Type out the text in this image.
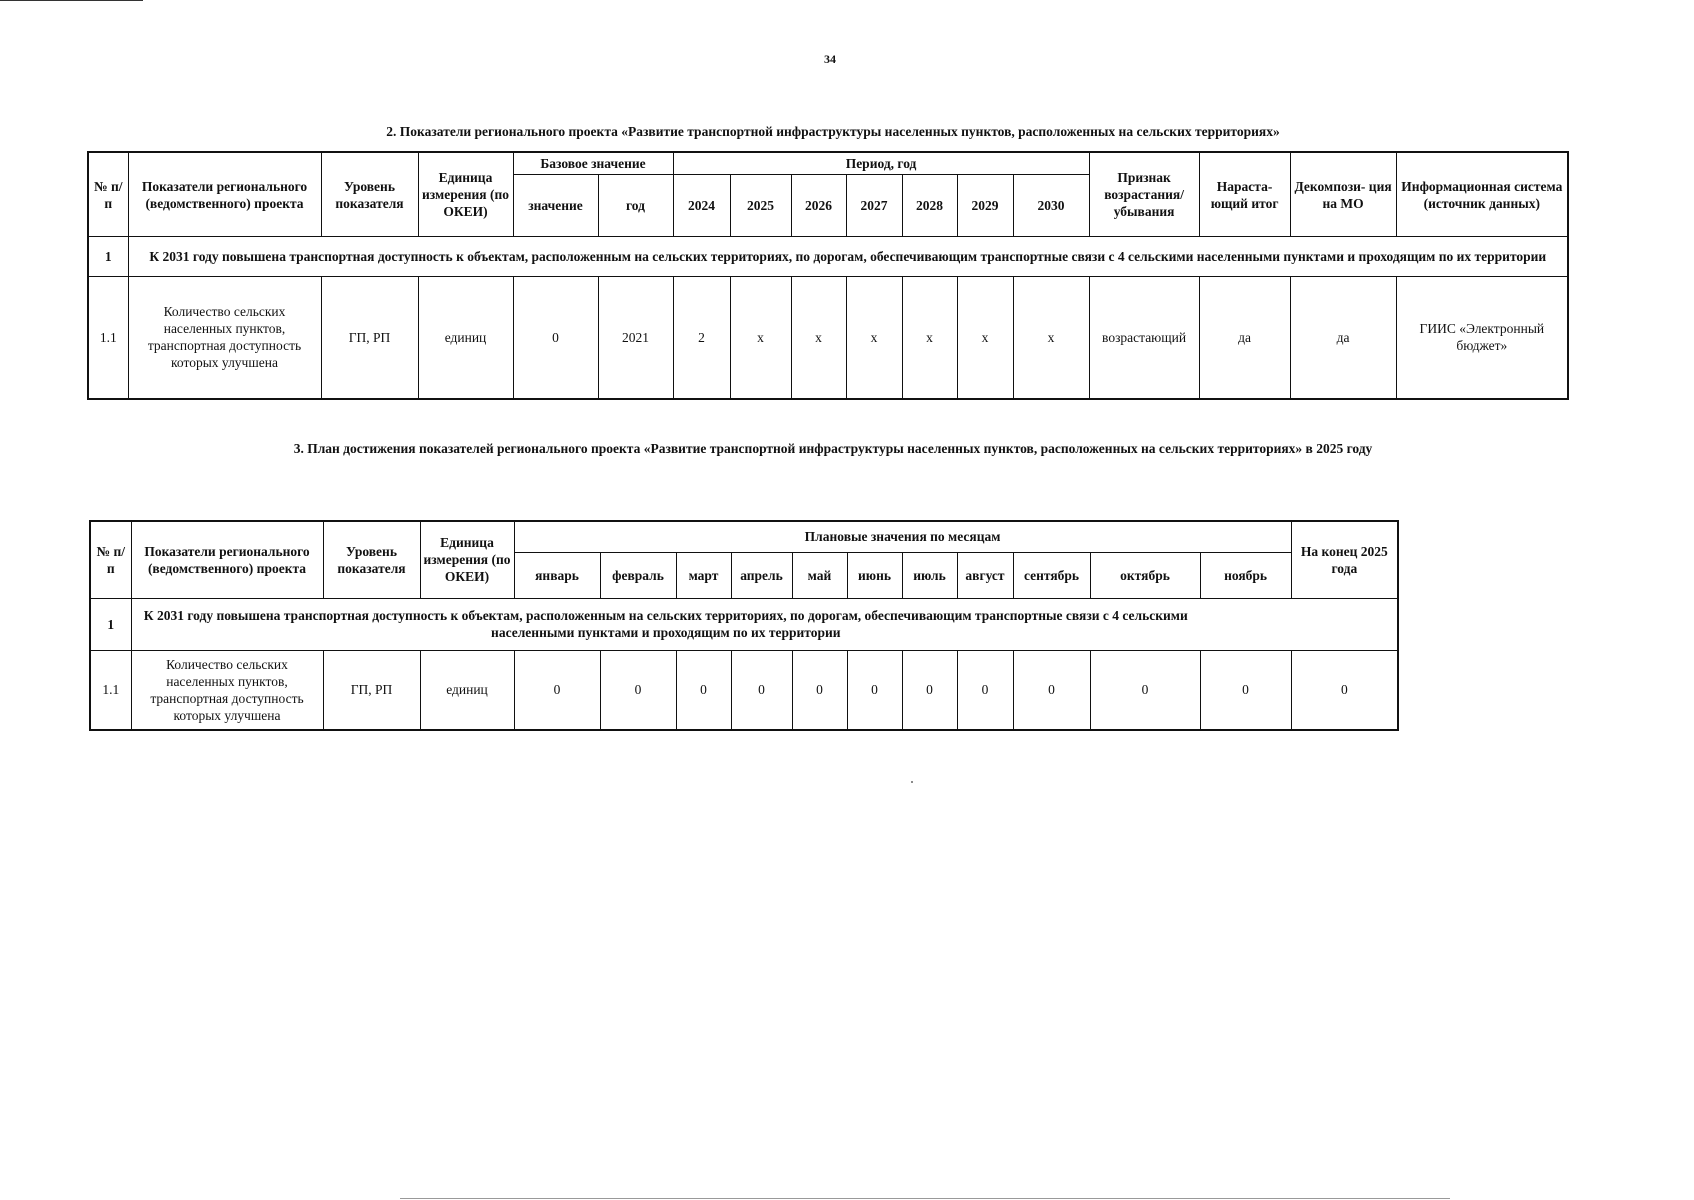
34
2. Показатели регионального проекта «Развитие транспортной инфраструктуры населенных пунктов, расположенных на сельских территориях»
№ п/п	Показатели регионального (ведомственного) проекта	Уровень показателя	Единица измерения (по ОКЕИ)	Базовое значение		Период, год							Признак возрастания/ убывания	Нараста- ющий итог	Декомпози- ция на МО	Информационная система (источник данных)
				значение	год	2024	2025	2026	2027	2028	2029	2030				
1	К 2031 году повышена транспортная доступность к объектам, расположенным на сельских территориях, по дорогам, обеспечивающим транспортные связи с 4 сельскими населенными пунктами и проходящим по их территории															
1.1	Количество сельских населенных пунктов, транспортная доступность которых улучшена	ГП, РП	единиц	0	2021	2	х	х	х	х	х	х	возрастающий	да	да	ГИИС «Электронный бюджет»
3. План достижения показателей регионального проекта «Развитие транспортной инфраструктуры населенных пунктов, расположенных на сельских территориях» в 2025 году
№ п/п	Показатели регионального (ведомственного) проекта	Уровень показателя	Единица измерения (по ОКЕИ)	Плановые значения по месяцам											На конец 2025 года
				январь	февраль	март	апрель	май	июнь	июль	август	сентябрь	октябрь	ноябрь	
1	К 2031 году повышена транспортная доступность к объектам, расположенным на сельских территориях, по дорогам, обеспечивающим транспортные связи с 4 сельскими населенными пунктами и проходящим по их территории														
1.1	Количество сельских населенных пунктов, транспортная доступность которых улучшена	ГП, РП	единиц	0	0	0	0	0	0	0	0	0	0	0	0
